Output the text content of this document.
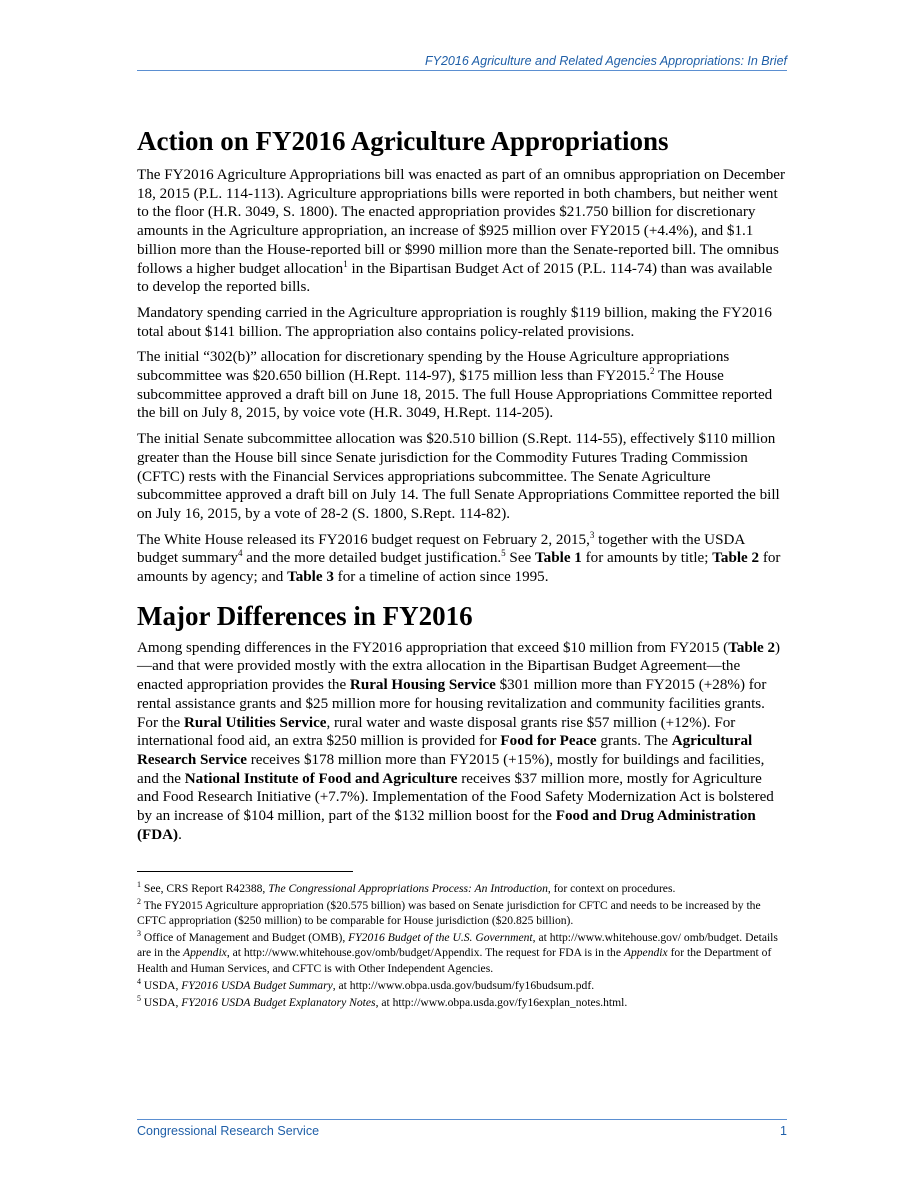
FY2016 Agriculture and Related Agencies Appropriations: In Brief
Action on FY2016 Agriculture Appropriations

The FY2016 Agriculture Appropriations bill was enacted as part of an omnibus appropriation on December 18, 2015 (P.L. 114-113). Agriculture appropriations bills were reported in both chambers, but neither went to the floor (H.R. 3049, S. 1800). The enacted appropriation provides $21.750 billion for discretionary amounts in the Agriculture appropriation, an increase of $925 million over FY2015 (+4.4%), and $1.1 billion more than the House-reported bill or $990 million more than the Senate-reported bill. The omnibus follows a higher budget allocation$^1$ in the Bipartisan Budget Act of 2015 (P.L. 114-74) than was available to develop the reported bills.

Mandatory spending carried in the Agriculture appropriation is roughly $119 billion, making the FY2016 total about $141 billion. The appropriation also contains policy-related provisions.

The initial “302(b)” allocation for discretionary spending by the House Agriculture appropriations subcommittee was $20.650 billion (H.Rept. 114-97), $175 million less than FY2015.$^2$ The House subcommittee approved a draft bill on June 18, 2015. The full House Appropriations Committee reported the bill on July 8, 2015, by voice vote (H.R. 3049, H.Rept. 114-205).

The initial Senate subcommittee allocation was $20.510 billion (S.Rept. 114-55), effectively $110 million greater than the House bill since Senate jurisdiction for the Commodity Futures Trading Commission (CFTC) rests with the Financial Services appropriations subcommittee. The Senate Agriculture subcommittee approved a draft bill on July 14. The full Senate Appropriations Committee reported the bill on July 16, 2015, by a vote of 28-2 (S. 1800, S.Rept. 114-82).

The White House released its FY2016 budget request on February 2, 2015,$^3$ together with the USDA budget summary$^4$ and the more detailed budget justification.$^5$ See Table 1 for amounts by title; Table 2 for amounts by agency; and Table 3 for a timeline of action since 1995.

Major Differences in FY2016

Among spending differences in the FY2016 appropriation that exceed $10 million from FY2015 (Table 2)—and that were provided mostly with the extra allocation in the Bipartisan Budget Agreement—the enacted appropriation provides the Rural Housing Service $301 million more than FY2015 (+28%) for rental assistance grants and $25 million more for housing revitalization and community facilities grants. For the Rural Utilities Service, rural water and waste disposal grants rise $57 million (+12%). For international food aid, an extra $250 million is provided for Food for Peace grants. The Agricultural Research Service receives $178 million more than FY2015 (+15%), mostly for buildings and facilities, and the National Institute of Food and Agriculture receives $37 million more, mostly for Agriculture and Food Research Initiative (+7.7%). Implementation of the Food Safety Modernization Act is bolstered by an increase of $104 million, part of the $132 million boost for the Food and Drug Administration (FDA).

$^1$ See, CRS Report R42388, The Congressional Appropriations Process: An Introduction, for context on procedures.

$^2$ The FY2015 Agriculture appropriation ($20.575 billion) was based on Senate jurisdiction for CFTC and needs to be increased by the CFTC appropriation ($250 million) to be comparable for House jurisdiction ($20.825 billion).

$^3$ Office of Management and Budget (OMB), FY2016 Budget of the U.S. Government, at http://www.whitehouse.gov/ omb/budget. Details are in the Appendix, at http://www.whitehouse.gov/omb/budget/Appendix. The request for FDA is in the Appendix for the Department of Health and Human Services, and CFTC is with Other Independent Agencies.

$^4$ USDA, FY2016 USDA Budget Summary, at http://www.obpa.usda.gov/budsum/fy16budsum.pdf.

$^5$ USDA, FY2016 USDA Budget Explanatory Notes, at http://www.obpa.usda.gov/fy16explan_notes.html.

Congressional Research Service	1
